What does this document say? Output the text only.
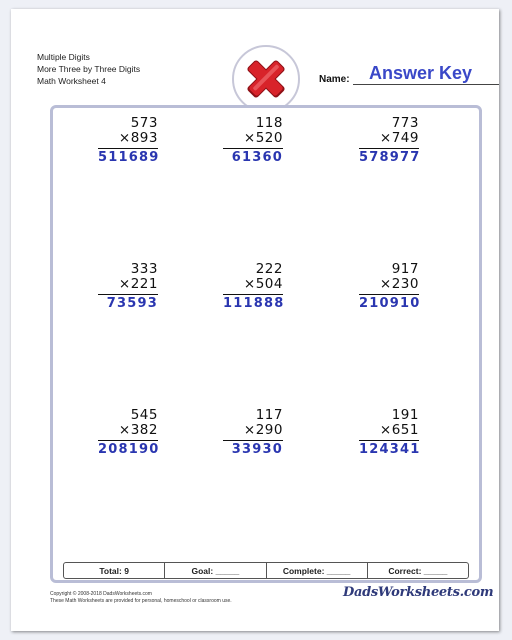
Multiple Digits
More Three by Three Digits
Math Worksheet 4	Name: Answer Key
573
×893
511689
118
×520
61360
773
×749
578977
333
×221
73593
222
×504
111888
917
×230
210910
545
×382
208190
117
×290
33930
191
×651
124341
Total: 9	Goal: _____	Complete: _____	Correct: _____
Copyright © 2008-2018 DadsWorksheets.com
These Math Worksheets are provided for personal, homeschool or classroom use.
DadsWorksheets.com
